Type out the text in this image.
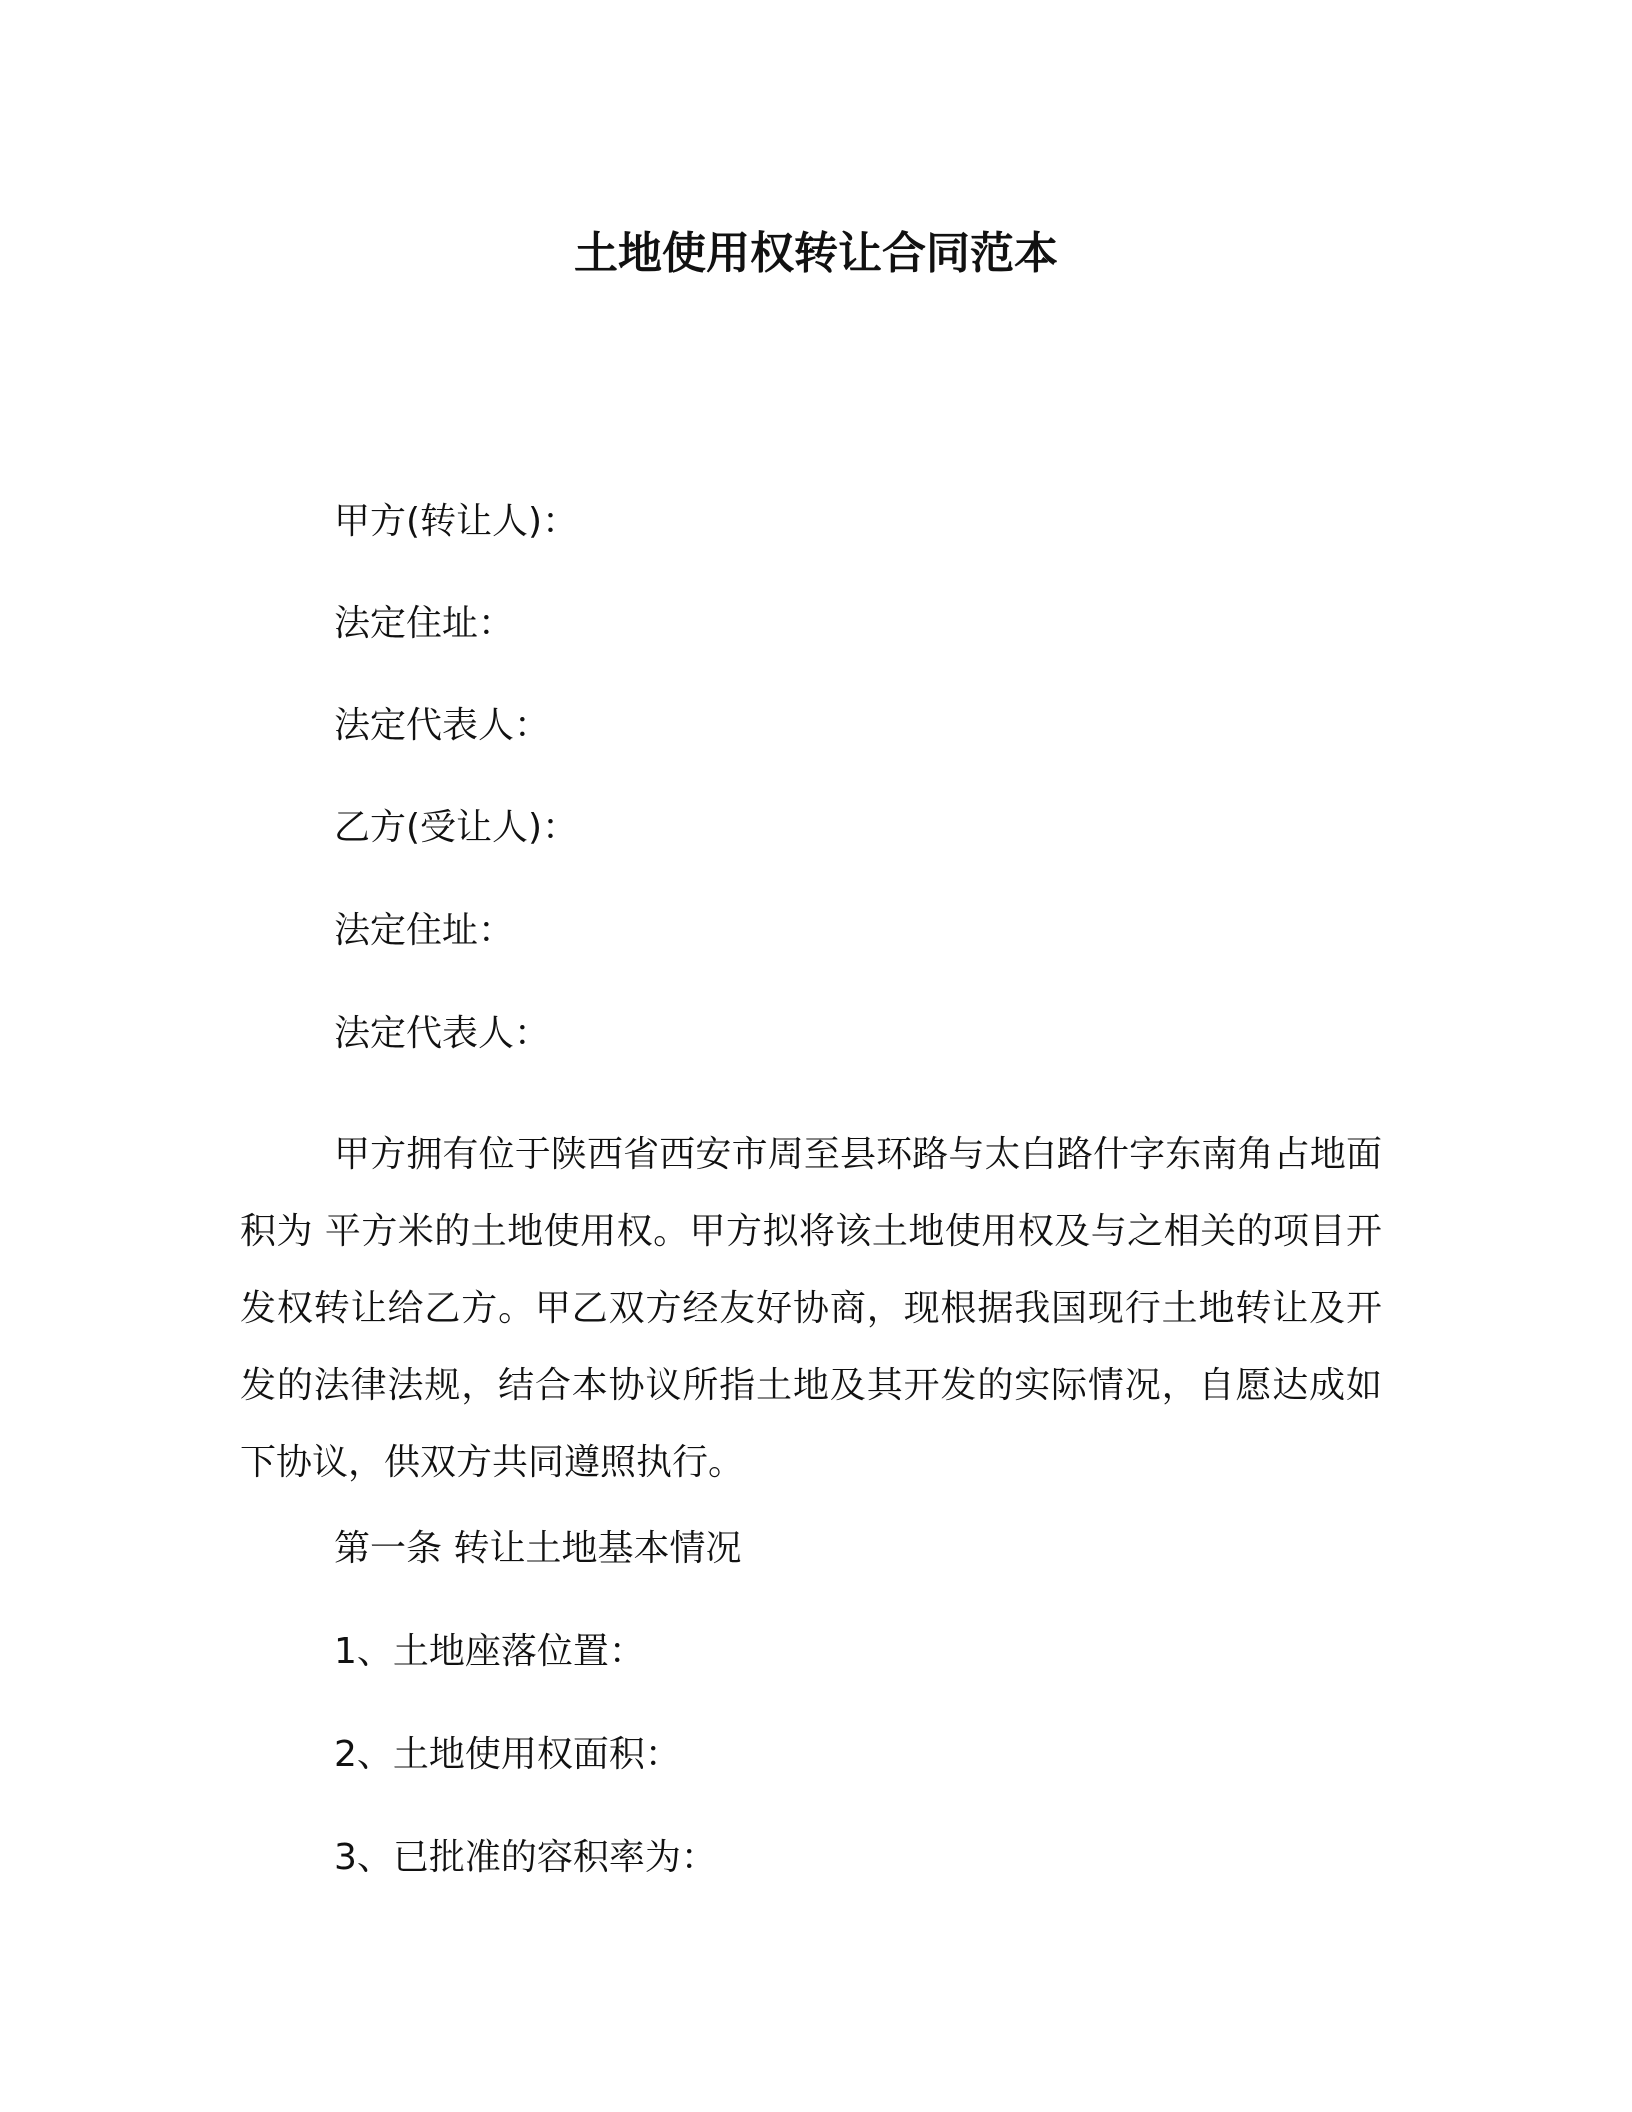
土地使用权转让合同范本
甲方(转让人)：
法定住址：
法定代表人：
乙方(受让人)：
法定住址：
法定代表人：
甲方拥有位于陕西省西安市周至县环路与太白路什字东南角占地面积为 平方米的土地使用权。甲方拟将该土地使用权及与之相关的项目开发权转让给乙方。甲乙双方经友好协商，现根据我国现行土地转让及开发的法律法规，结合本协议所指土地及其开发的实际情况，自愿达成如下协议，供双方共同遵照执行。
第一条 转让土地基本情况
1、土地座落位置：
2、土地使用权面积：
3、已批准的容积率为：
